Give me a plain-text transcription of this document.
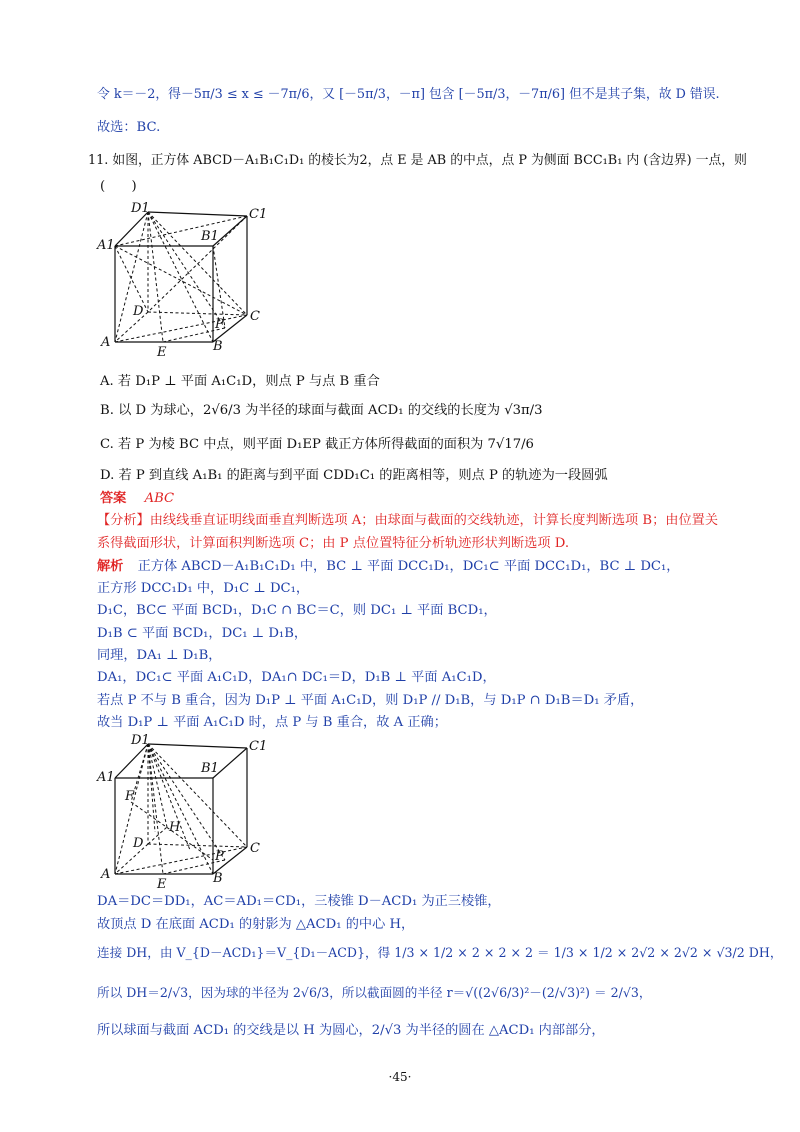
令 k＝－2，得－5π/3 ≤ x ≤ －7π/6，又 [－5π/3，－π] 包含 [－5π/3，－7π/6] 但不是其子集，故 D 错误.
故选：BC.
11. 如图，正方体 ABCD－A₁B₁C₁D₁ 的棱长为2，点 E 是 AB 的中点，点 P 为侧面 BCC₁B₁ 内 (含边界) 一点，则
(　　)
D1	C1
A1
B1
D	C
A	B
E
P
A. 若 D₁P ⊥ 平面 A₁C₁D，则点 P 与点 B 重合
B. 以 D 为球心，2√6/3 为半径的球面与截面 ACD₁ 的交线的长度为 √3π/3
C. 若 P 为棱 BC 中点，则平面 D₁EP 截正方体所得截面的面积为 7√17/6
D. 若 P 到直线 A₁B₁ 的距离与到平面 CDD₁C₁ 的距离相等，则点 P 的轨迹为一段圆弧
答案 ABC
【分析】由线线垂直证明线面垂直判断选项 A；由球面与截面的交线轨迹，计算长度判断选项 B；由位置关
系得截面形状，计算面积判断选项 C；由 P 点位置特征分析轨迹形状判断选项 D.
解析 正方体 ABCD－A₁B₁C₁D₁ 中，BC ⊥ 平面 DCC₁D₁，DC₁⊂ 平面 DCC₁D₁，BC ⊥ DC₁，
正方形 DCC₁D₁ 中，D₁C ⊥ DC₁，
D₁C，BC⊂ 平面 BCD₁，D₁C ∩ BC＝C，则 DC₁ ⊥ 平面 BCD₁，
D₁B ⊂ 平面 BCD₁，DC₁ ⊥ D₁B，
同理，DA₁ ⊥ D₁B，
DA₁，DC₁⊂ 平面 A₁C₁D，DA₁∩ DC₁＝D，D₁B ⊥ 平面 A₁C₁D，
若点 P 不与 B 重合，因为 D₁P ⊥ 平面 A₁C₁D，则 D₁P // D₁B，与 D₁P ∩ D₁B＝D₁ 矛盾，
故当 D₁P ⊥ 平面 A₁C₁D 时，点 P 与 B 重合，故 A 正确；
D1	C1
A1
B1
F
H
D	C
A	B
E
P
DA＝DC＝DD₁，AC＝AD₁＝CD₁，三棱锥 D－ACD₁ 为正三棱锥，
故顶点 D 在底面 ACD₁ 的射影为 △ACD₁ 的中心 H，
连接 DH，由 V_{D－ACD₁}＝V_{D₁－ACD}，得 1/3 × 1/2 × 2 × 2 × 2 ＝ 1/3 × 1/2 × 2√2 × 2√2 × √3/2 DH，
所以 DH＝2/√3，因为球的半径为 2√6/3，所以截面圆的半径 r＝√((2√6/3)²－(2/√3)²) ＝ 2/√3，
所以球面与截面 ACD₁ 的交线是以 H 为圆心，2/√3 为半径的圆在 △ACD₁ 内部部分，
·45·
